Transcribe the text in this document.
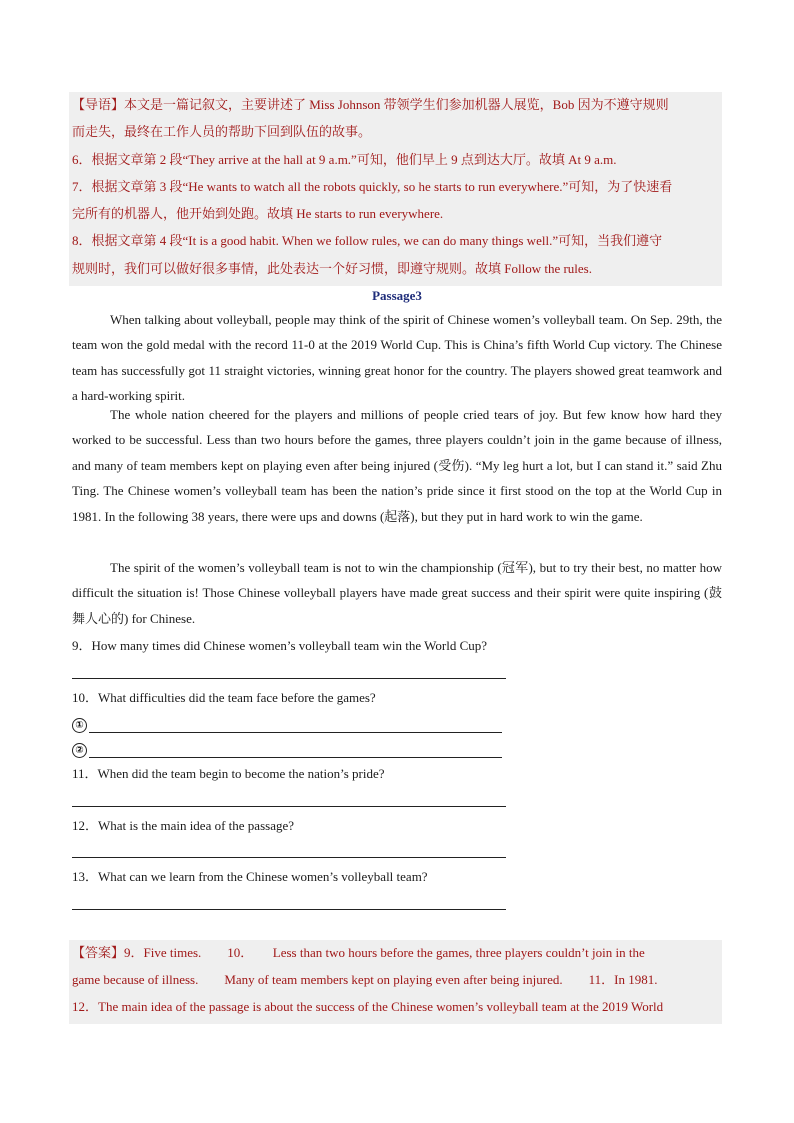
【导语】本文是一篇记叙文，主要讲述了 Miss Johnson 带领学生们参加机器人展览，Bob 因为不遵守规则
而走失，最终在工作人员的帮助下回到队伍的故事。
6．根据文章第 2 段“They arrive at the hall at 9 a.m.”可知，他们早上 9 点到达大厅。故填 At 9 a.m.
7．根据文章第 3 段“He wants to watch all the robots quickly, so he starts to run everywhere.”可知，为了快速看
完所有的机器人，他开始到处跑。故填 He starts to run everywhere.
8．根据文章第 4 段“It is a good habit. When we follow rules, we can do many things well.”可知，当我们遵守
规则时，我们可以做好很多事情，此处表达一个好习惯，即遵守规则。故填 Follow the rules.
Passage3
When talking about volleyball, people may think of the spirit of Chinese women’s volleyball team. On Sep. 29th, the team won the gold medal with the record 11-0 at the 2019 World Cup. This is China’s fifth World Cup victory. The Chinese team has successfully got 11 straight victories, winning great honor for the country. The players showed great teamwork and a hard-working spirit.
The whole nation cheered for the players and millions of people cried tears of joy. But few know how hard they worked to be successful. Less than two hours before the games, three players couldn’t join in the game because of illness, and many of team members kept on playing even after being injured (受伤). “My leg hurt a lot, but I can stand it.” said Zhu Ting. The Chinese women’s volleyball team has been the nation’s pride since it first stood on the top at the World Cup in 1981. In the following 38 years, there were ups and downs (起落), but they put in hard work to win the game.
The spirit of the women’s volleyball team is not to win the championship (冠军), but to try their best, no matter how difficult the situation is! Those Chinese volleyball players have made great success and their spirit were quite inspiring (鼓舞人心的) for Chinese.
9．How many times did Chinese women’s volleyball team win the World Cup?
10．What difficulties did the team face before the games?
①
②
11．When did the team begin to become the nation’s pride?
12．What is the main idea of the passage?
13．What can we learn from the Chinese women’s volleyball team?
【答案】9．Five times.　　10．　　Less than two hours before the games, three players couldn’t join in the
game because of illness.　　Many of team members kept on playing even after being injured.　　11．In 1981.
12．The main idea of the passage is about the success of the Chinese women’s volleyball team at the 2019 World
